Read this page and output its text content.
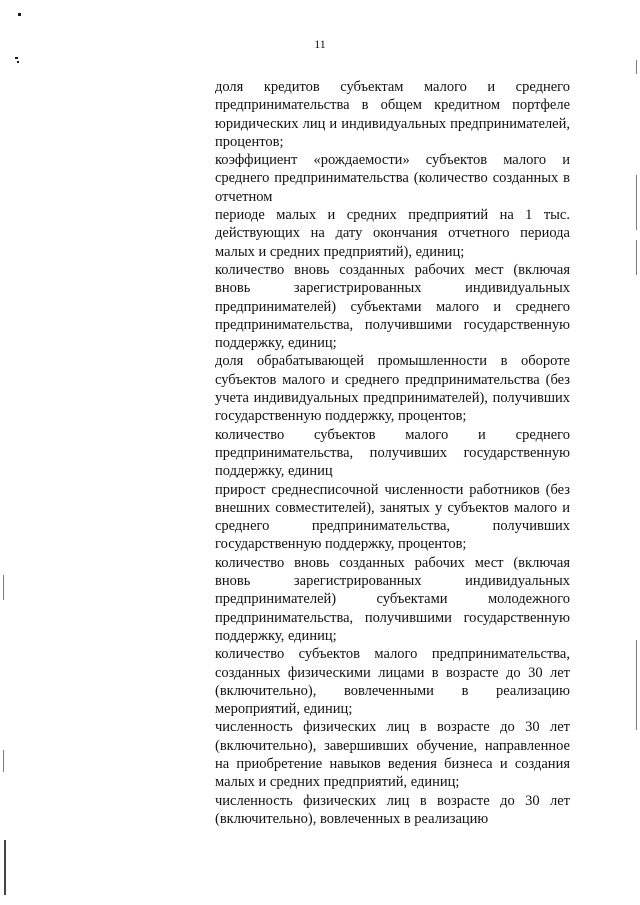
11

доля кредитов субъектам малого и среднего предпринимательства в общем кредитном портфеле юридических лиц и индивидуальных предпринимателей, процентов;

коэффициент «рождаемости» субъектов малого и среднего предпринимательства (количество созданных в отчетном

периоде малых и средних предприятий на 1 тыс. действующих на дату окончания отчетного периода малых и средних предприятий), единиц;

количество вновь созданных рабочих мест (включая вновь зарегистрированных индивидуальных предпринимателей) субъектами малого и среднего предпринимательства, получившими государственную поддержку, единиц;

доля обрабатывающей промышленности в обороте субъектов малого и среднего предпринимательства (без учета индивидуальных предпринимателей), получивших государственную поддержку, процентов;

количество субъектов малого и среднего предпринимательства, получивших государственную поддержку, единиц

прирост среднесписочной численности работников (без внешних совместителей), занятых у субъектов малого и среднего предпринимательства, получивших государственную поддержку, процентов;

количество вновь созданных рабочих мест (включая вновь зарегистрированных индивидуальных предпринимателей) субъектами молодежного предпринимательства, получившими государственную поддержку, единиц;

количество субъектов малого предпринимательства, созданных физическими лицами в возрасте до 30 лет (включительно), вовлеченными в реализацию мероприятий, единиц;

численность физических лиц в возрасте до 30 лет (включительно), завершивших обучение, направленное на приобретение навыков ведения бизнеса и создания малых и средних предприятий, единиц;

численность физических лиц в возрасте до 30 лет (включительно), вовлеченных в реализацию
